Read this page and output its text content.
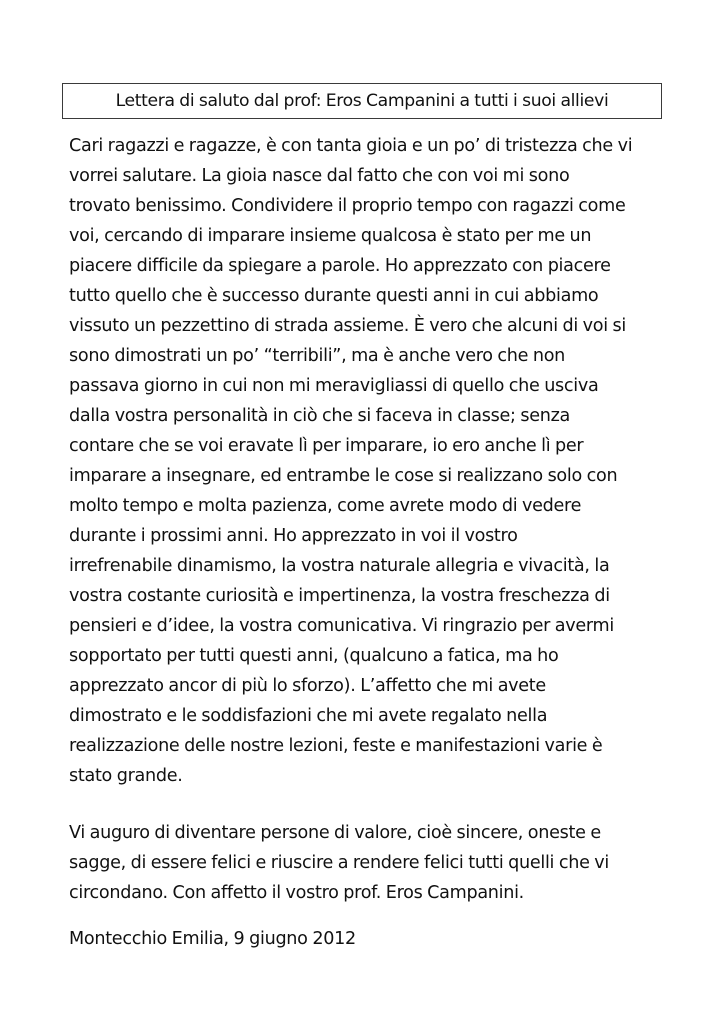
Lettera di saluto dal prof: Eros Campanini a tutti i suoi allievi
Cari ragazzi e ragazze, è con tanta gioia e un po’ di tristezza che vi
vorrei salutare. La gioia nasce dal fatto che con voi mi sono
trovato benissimo. Condividere il proprio tempo con ragazzi come
voi, cercando di imparare insieme qualcosa è stato per me un
piacere difficile da spiegare a parole. Ho apprezzato con piacere
tutto quello che è successo durante questi anni in cui abbiamo
vissuto un pezzettino di strada assieme. È vero che alcuni di voi si
sono dimostrati un po’ “terribili”, ma è anche vero che non
passava giorno in cui non mi meravigliassi di quello che usciva
dalla vostra personalità in ciò che si faceva in classe; senza
contare che se voi eravate lì per imparare, io ero anche lì per
imparare a insegnare, ed entrambe le cose si realizzano solo con
molto tempo e molta pazienza, come avrete modo di vedere
durante i prossimi anni. Ho apprezzato in voi il vostro
irrefrenabile dinamismo, la vostra naturale allegria e vivacità, la
vostra costante curiosità e impertinenza, la vostra freschezza di
pensieri e d’idee, la vostra comunicativa. Vi ringrazio per avermi
sopportato per tutti questi anni, (qualcuno a fatica, ma ho
apprezzato ancor di più lo sforzo). L’affetto che mi avete
dimostrato e le soddisfazioni che mi avete regalato nella
realizzazione delle nostre lezioni, feste e manifestazioni varie è
stato grande.
Vi auguro di diventare persone di valore, cioè sincere, oneste e
sagge, di essere felici e riuscire a rendere felici tutti quelli che vi
circondano. Con affetto il vostro prof. Eros Campanini.
Montecchio Emilia, 9 giugno 2012
